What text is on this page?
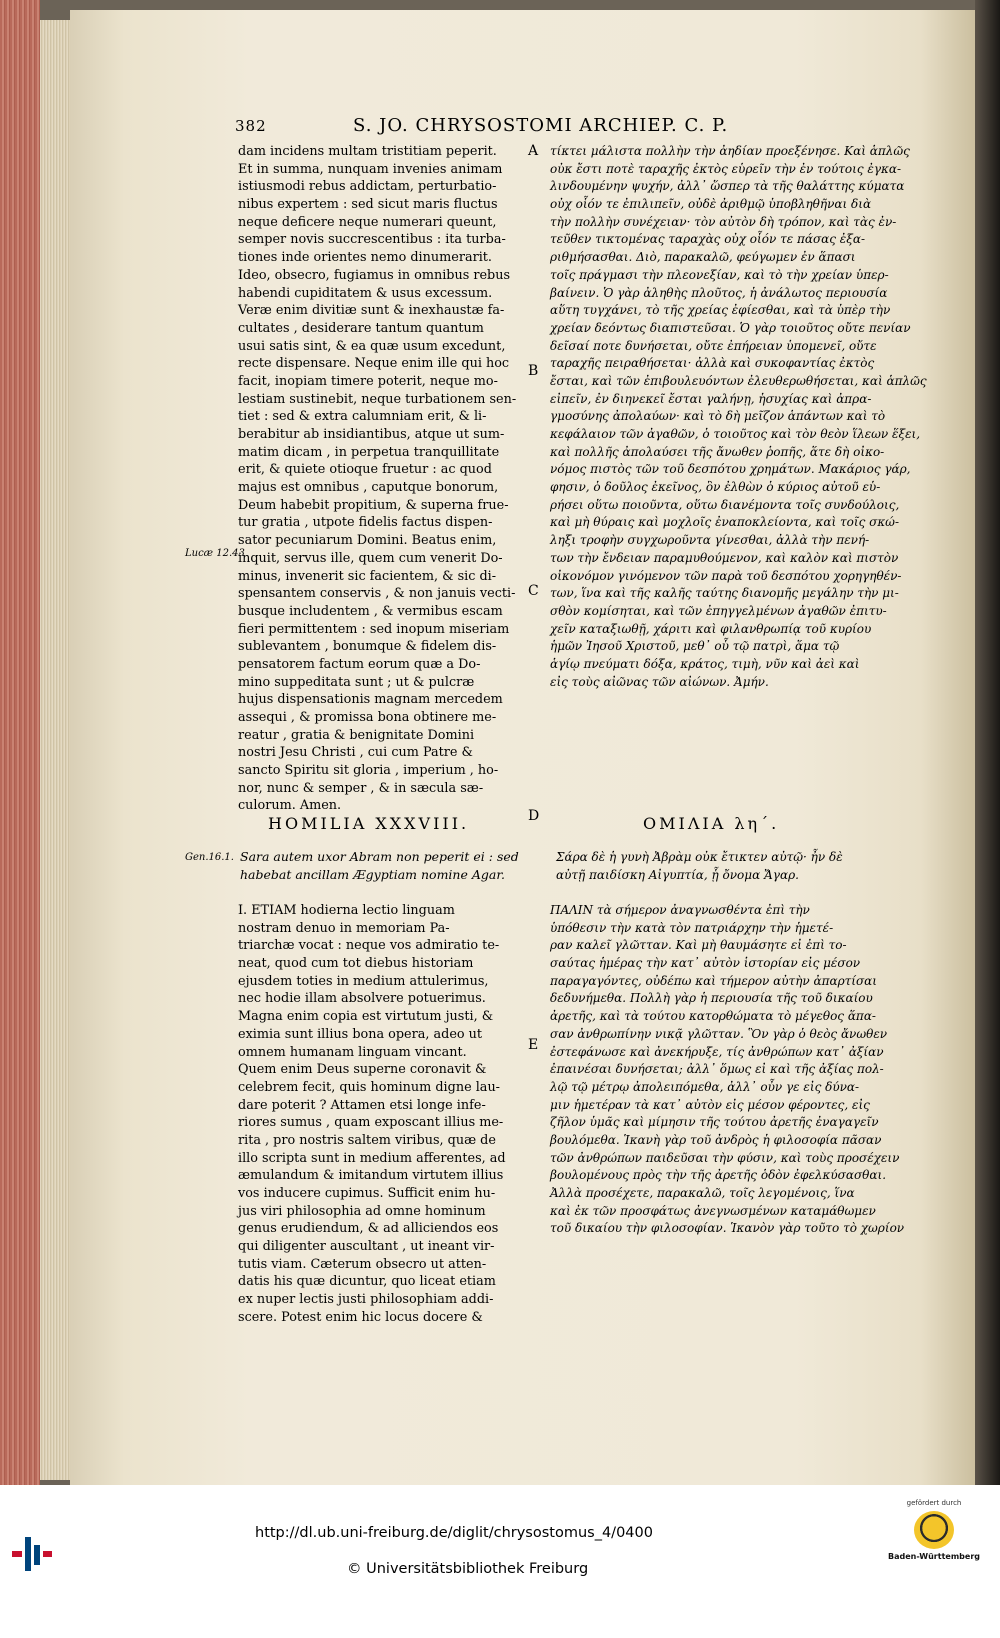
382	S. JO. CHRYSOSTOMI ARCHIEP. C. P.
A
B
C
D
E
Lucæ 12.43
Gen.16.1.
dam incidens multam tristitiam peperit.
Et in summa, nunquam invenies animam
istiusmodi rebus addictam, perturbatio-
nibus expertem : sed sicut maris fluctus
neque deficere neque numerari queunt,
semper novis succrescentibus : ita turba-
tiones inde orientes nemo dinumerarit.
Ideo, obsecro, fugiamus in omnibus rebus
habendi cupiditatem & usus excessum.
Veræ enim divitiæ sunt & inexhaustæ fa-
cultates , desiderare tantum quantum
usui satis sint, & ea quæ usum excedunt,
recte dispensare. Neque enim ille qui hoc
facit, inopiam timere poterit, neque mo-
lestiam sustinebit, neque turbationem sen-
tiet : sed & extra calumniam erit, & li-
berabitur ab insidiantibus, atque ut sum-
matim dicam , in perpetua tranquillitate
erit, & quiete otioque fruetur : ac quod
majus est omnibus , caputque bonorum,
Deum habebit propitium, & superna frue-
tur gratia , utpote fidelis factus dispen-
sator pecuniarum Domini. Beatus enim,
inquit, servus ille, quem cum venerit Do-
minus, invenerit sic facientem, & sic di-
spensantem conservis , & non januis vecti-
busque includentem , & vermibus escam
fieri permittentem : sed inopum miseriam
sublevantem , bonumque & fidelem dis-
pensatorem factum eorum quæ a Do-
mino suppeditata sunt ; ut & pulcræ
hujus dispensationis magnam mercedem
assequi , & promissa bona obtinere me-
reatur , gratia & benignitate Domini
nostri Jesu Christi , cui cum Patre &
sancto Spiritu sit gloria , imperium , ho-
nor, nunc & semper , & in sæcula sæ-
culorum. Amen.
τίκτει μάλιστα πολλὴν τὴν ἀηδίαν προεξένησε. Καὶ ἁπλῶς
οὐκ ἔστι ποτὲ ταραχῆς ἐκτὸς εὑρεῖν τὴν ἐν τούτοις ἐγκα-
λινδουμένην ψυχήν, ἀλλ᾽ ὥσπερ τὰ τῆς θαλάττης κύματα
οὐχ οἷόν τε ἐπιλιπεῖν, οὐδὲ ἀριθμῷ ὑποβληθῆναι διὰ
τὴν πολλὴν συνέχειαν· τὸν αὐτὸν δὴ τρόπον, καὶ τὰς ἐν-
τεῦθεν τικτομένας ταραχὰς οὐχ οἷόν τε πάσας ἐξα-
ριθμήσασθαι. Διὸ, παρακαλῶ, φεύγωμεν ἐν ἅπασι
τοῖς πράγμασι τὴν πλεονεξίαν, καὶ τὸ τὴν χρείαν ὑπερ-
βαίνειν. Ὁ γὰρ ἀληθὴς πλοῦτος, ἡ ἀνάλωτος περιουσία
αὕτη τυγχάνει, τὸ τῆς χρείας ἐφίεσθαι, καὶ τὰ ὑπὲρ τὴν
χρείαν δεόντως διαπιστεῦσαι. Ὁ γὰρ τοιοῦτος οὔτε πενίαν
δεῖσαί ποτε δυνήσεται, οὔτε ἐπήρειαν ὑπομενεῖ, οὔτε
ταραχῆς πειραθήσεται· ἀλλὰ καὶ συκοφαντίας ἐκτὸς
ἔσται, καὶ τῶν ἐπιβουλευόντων ἐλευθερωθήσεται, καὶ ἁπλῶς
εἰπεῖν, ἐν διηνεκεῖ ἔσται γαλήνῃ, ἡσυχίας καὶ ἀπρα-
γμοσύνης ἀπολαύων· καὶ τὸ δὴ μεῖζον ἁπάντων καὶ τὸ
κεφάλαιον τῶν ἀγαθῶν, ὁ τοιοῦτος καὶ τὸν θεὸν ἵλεων ἕξει,
καὶ πολλῆς ἀπολαύσει τῆς ἄνωθεν ῥοπῆς, ἅτε δὴ οἰκο-
νόμος πιστὸς τῶν τοῦ δεσπότου χρημάτων. Μακάριος γάρ,
φησιν, ὁ δοῦλος ἐκεῖνος, ὃν ἐλθὼν ὁ κύριος αὐτοῦ εὑ-
ρήσει οὕτω ποιοῦντα, οὕτω διανέμοντα τοῖς συνδούλοις,
καὶ μὴ θύραις καὶ μοχλοῖς ἐναποκλείοντα, καὶ τοῖς σκώ-
ληξι τροφὴν συγχωροῦντα γίνεσθαι, ἀλλὰ τὴν πενή-
των τὴν ἔνδειαν παραμυθούμενον, καὶ καλὸν καὶ πιστὸν
οἰκονόμον γινόμενον τῶν παρὰ τοῦ δεσπότου χορηγηθέν-
των, ἵνα καὶ τῆς καλῆς ταύτης διανομῆς μεγάλην τὴν μι-
σθὸν κομίσηται, καὶ τῶν ἐπηγγελμένων ἀγαθῶν ἐπιτυ-
χεῖν καταξιωθῇ, χάριτι καὶ φιλανθρωπίᾳ τοῦ κυρίου
ἡμῶν Ἰησοῦ Χριστοῦ, μεθ᾽ οὗ τῷ πατρὶ, ἅμα τῷ
ἁγίῳ πνεύματι δόξα, κράτος, τιμὴ, νῦν καὶ ἀεὶ καὶ
εἰς τοὺς αἰῶνας τῶν αἰώνων. Ἀμήν.
HOMILIA XXXVIII.	ΟΜΙΛΙΑ λη΄.
Sara autem uxor Abram non peperit ei : sed habebat ancillam Ægyptiam nomine Agar.
Σάρα δὲ ἡ γυνὴ Ἀβρὰμ οὐκ ἔτικτεν αὐτῷ· ἦν δὲ αὐτῇ παιδίσκη Αἰγυπτία, ᾗ ὄνομα Ἄγαρ.
I. ETIAM hodierna lectio linguam
nostram denuo in memoriam Pa-
triarchæ vocat : neque vos admiratio te-
neat, quod cum tot diebus historiam
ejusdem toties in medium attulerimus,
nec hodie illam absolvere potuerimus.
Magna enim copia est virtutum justi, &
eximia sunt illius bona opera, adeo ut
omnem humanam linguam vincant.
Quem enim Deus superne coronavit &
celebrem fecit, quis hominum digne lau-
dare poterit ? Attamen etsi longe infe-
riores sumus , quam exposcant illius me-
rita , pro nostris saltem viribus, quæ de
illo scripta sunt in medium afferentes, ad
æmulandum & imitandum virtutem illius
vos inducere cupimus. Sufficit enim hu-
jus viri philosophia ad omne hominum
genus erudiendum, & ad alliciendos eos
qui diligenter auscultant , ut ineant vir-
tutis viam. Cæterum obsecro ut atten-
datis his quæ dicuntur, quo liceat etiam
ex nuper lectis justi philosophiam addi-
scere. Potest enim hic locus docere &
ΠΑΛΙΝ τὰ σήμερον ἀναγνωσθέντα ἐπὶ τὴν
ὑπόθεσιν τὴν κατὰ τὸν πατριάρχην τὴν ἡμετέ-
ραν καλεῖ γλῶτταν. Καὶ μὴ θαυμάσητε εἰ ἐπὶ το-
σαύτας ἡμέρας τὴν κατ᾽ αὐτὸν ἱστορίαν εἰς μέσον
παραγαγόντες, οὐδέπω καὶ τήμερον αὐτὴν ἀπαρτίσαι
δεδυνήμεθα. Πολλὴ γὰρ ἡ περιουσία τῆς τοῦ δικαίου
ἀρετῆς, καὶ τὰ τούτου κατορθώματα τὸ μέγεθος ἅπα-
σαν ἀνθρωπίνην νικᾷ γλῶτταν. Ὃν γὰρ ὁ θεὸς ἄνωθεν
ἐστεφάνωσε καὶ ἀνεκήρυξε, τίς ἀνθρώπων κατ᾽ ἀξίαν
ἐπαινέσαι δυνήσεται; ἀλλ᾽ ὅμως εἰ καὶ τῆς ἀξίας πολ-
λῷ τῷ μέτρῳ ἀπολειπόμεθα, ἀλλ᾽ οὖν γε εἰς δύνα-
μιν ἡμετέραν τὰ κατ᾽ αὐτὸν εἰς μέσον φέροντες, εἰς
ζῆλον ὑμᾶς καὶ μίμησιν τῆς τούτου ἀρετῆς ἐναγαγεῖν
βουλόμεθα. Ἱκανὴ γὰρ τοῦ ἀνδρὸς ἡ φιλοσοφία πᾶσαν
τῶν ἀνθρώπων παιδεῦσαι τὴν φύσιν, καὶ τοὺς προσέχειν
βουλομένους πρὸς τὴν τῆς ἀρετῆς ὁδὸν ἐφελκύσασθαι.
Ἀλλὰ προσέχετε, παρακαλῶ, τοῖς λεγομένοις, ἵνα
καὶ ἐκ τῶν προσφάτως ἀνεγνωσμένων καταμάθωμεν
τοῦ δικαίου τὴν φιλοσοφίαν. Ἱκανὸν γὰρ τοῦτο τὸ χωρίον
http://dl.ub.uni-freiburg.de/diglit/chrysostomus_4/0400
© Universitätsbibliothek Freiburg
gefördert durch
Baden-Württemberg
